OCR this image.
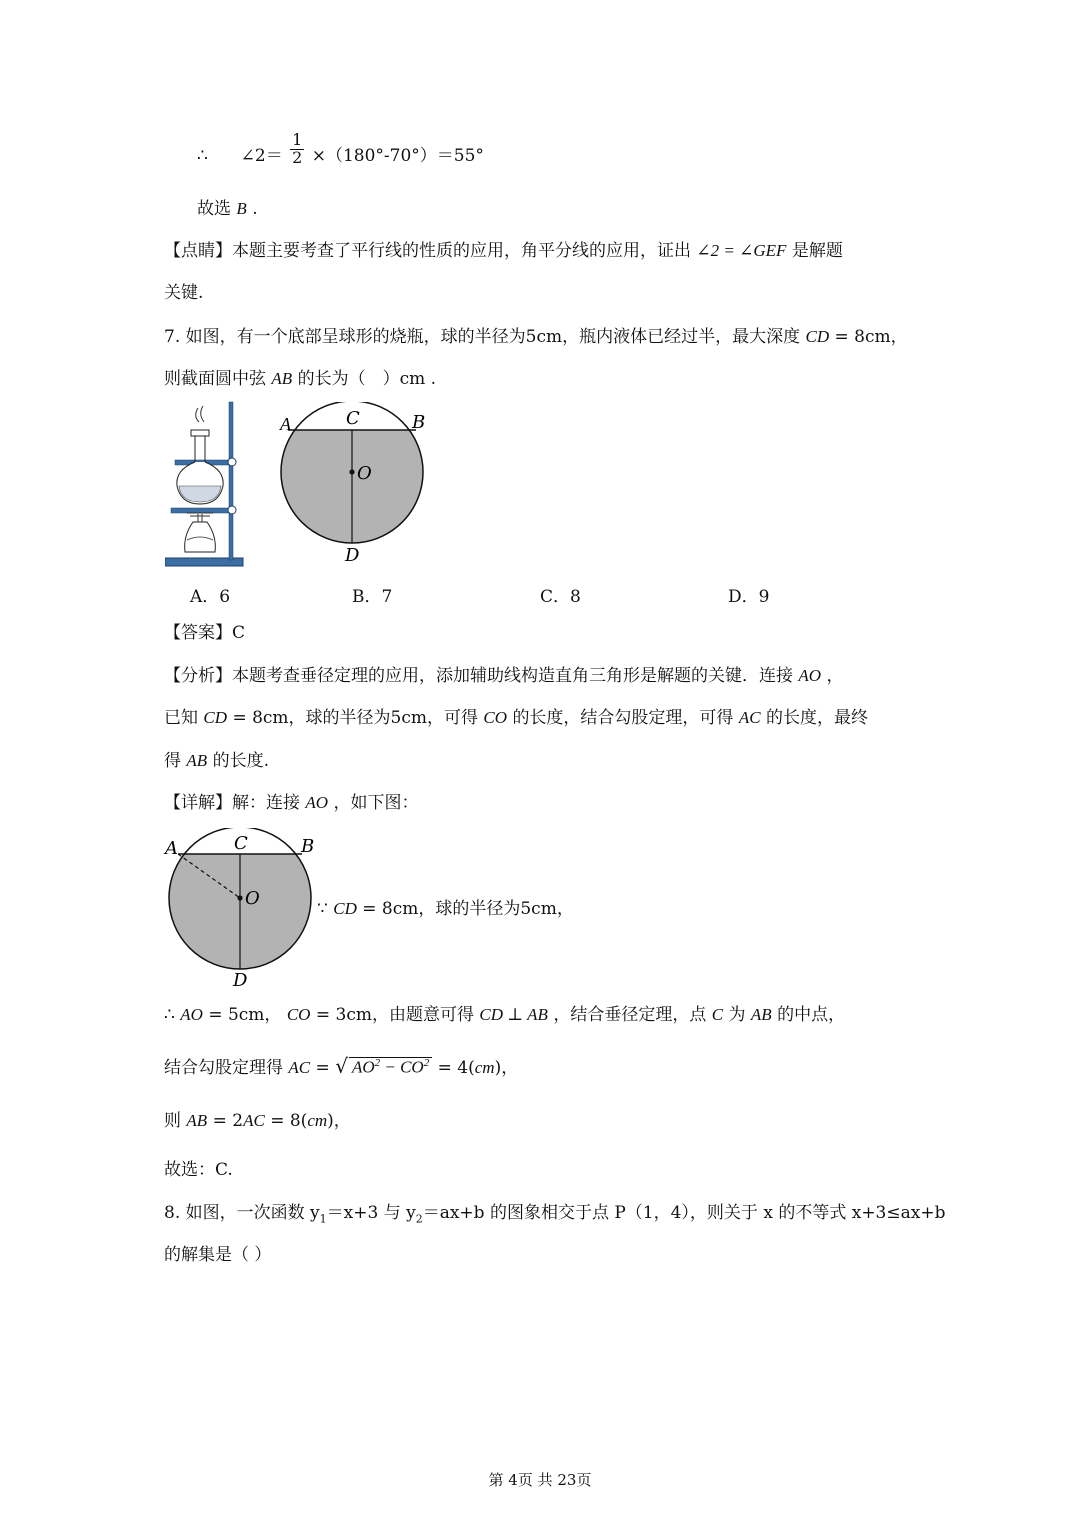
∴ ∠2＝ $\frac{1}{2} \times(180^\circ-70^\circ)=55^\circ$
故选 B .
【点睛】本题主要考查了平行线的性质的应用，角平分线的应用，证出 ∠2 = ∠GEF 是解题
关键.
7. 如图，有一个底部呈球形的烧瓶，球的半径为5cm，瓶内液体已经过半，最大深度 CD = 8cm，
则截面圆中弦 AB 的长为（　）cm .
A	C	B
O
D
A．6	B．7	C．8	D．9
【答案】C
【分析】本题考查垂径定理的应用，添加辅助线构造直角三角形是解题的关键．连接 AO ，
已知 CD = 8cm，球的半径为5cm，可得 CO 的长度，结合勾股定理，可得 AC 的长度，最终
得 AB 的长度.
【详解】解：连接 AO ，如下图：
A	C	B
O
D
∵ CD = 8cm，球的半径为5cm，
∴ AO = 5cm， CO = 3cm，由题意可得 CD ⊥ AB ，结合垂径定理，点 C 为 AB 的中点，
结合勾股定理得 AC = √ $AO^2 - CO^2 = 4(cm)$，
则 AB = 2AC = 8(cm)，
故选：C.
8. 如图，一次函数 $y_1=x+3$ 与 $y_2=ax+b$ 的图象相交于点 P（1，4），则关于 x 的不等式 x+3≤ax+b
的解集是（ ）
第 4页 共 23页
